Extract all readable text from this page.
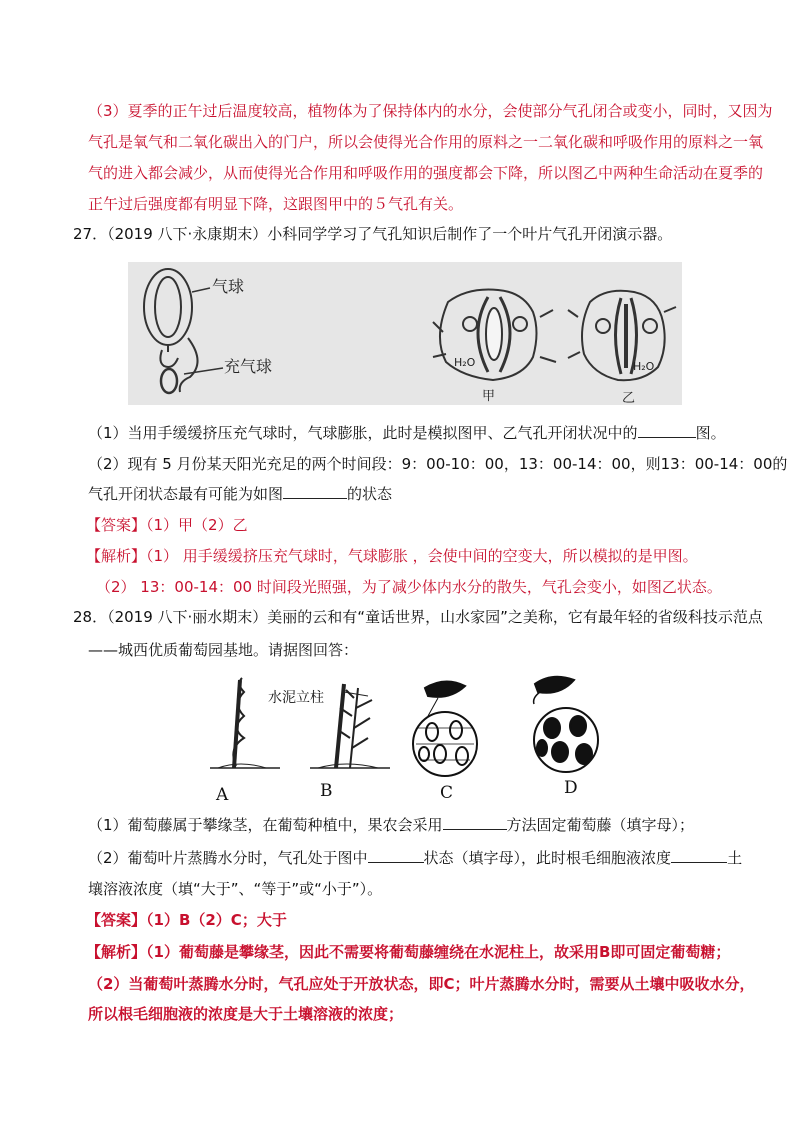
（3）夏季的正午过后温度较高，植物体为了保持体内的水分，会使部分气孔闭合或变小，同时，又因为
气孔是氧气和二氧化碳出入的门户，所以会使得光合作用的原料之一二氧化碳和呼吸作用的原料之一氧
气的进入都会减少，从而使得光合作用和呼吸作用的强度都会下降，所以图乙中两种生命活动在夏季的
正午过后强度都有明显下降，这跟图甲中的５气孔有关。
27．（2019 八下·永康期末）小科同学学习了气孔知识后制作了一个叶片气孔开闭演示器。
气球
充气球	H₂O
甲
H₂O
乙
（1）当用手缓缓挤压充气球时，气球膨胀，此时是模拟图甲、乙气孔开闭状况中的	图。
（2）现有 5 月份某天阳光充足的两个时间段：9：00-10：00，13：00-14：00，则13：00-14：00的
气孔开闭状态最有可能为如图	的状态
【答案】（1）甲（2）乙
【解析】（1） 用手缓缓挤压充气球时，气球膨胀 ，会使中间的空变大，所以模拟的是甲图。
（2） 13：00-14：00 时间段光照强，为了减少体内水分的散失，气孔会变小，如图乙状态。
28．（2019 八下·丽水期末）美丽的云和有“童话世界，山水家园”之美称，它有最年轻的省级科技示范点
——城西优质葡萄园基地。请据图回答：
A
水泥立柱
B	C	D
（1）葡萄藤属于攀缘茎，在葡萄种植中，果农会采用	方法固定葡萄藤（填字母）；
（2）葡萄叶片蒸腾水分时，气孔处于图中	状态（填字母），此时根毛细胞液浓度	土
壤溶液浓度（填“大于”、“等于”或“小于”）。
【答案】（1）B（2）C；大于
【解析】（1）葡萄藤是攀缘茎，因此不需要将葡萄藤缠绕在水泥柱上，故采用B即可固定葡萄糖；
（2）当葡萄叶蒸腾水分时，气孔应处于开放状态，即C；叶片蒸腾水分时，需要从土壤中吸收水分，
所以根毛细胞液的浓度是大于土壤溶液的浓度；
